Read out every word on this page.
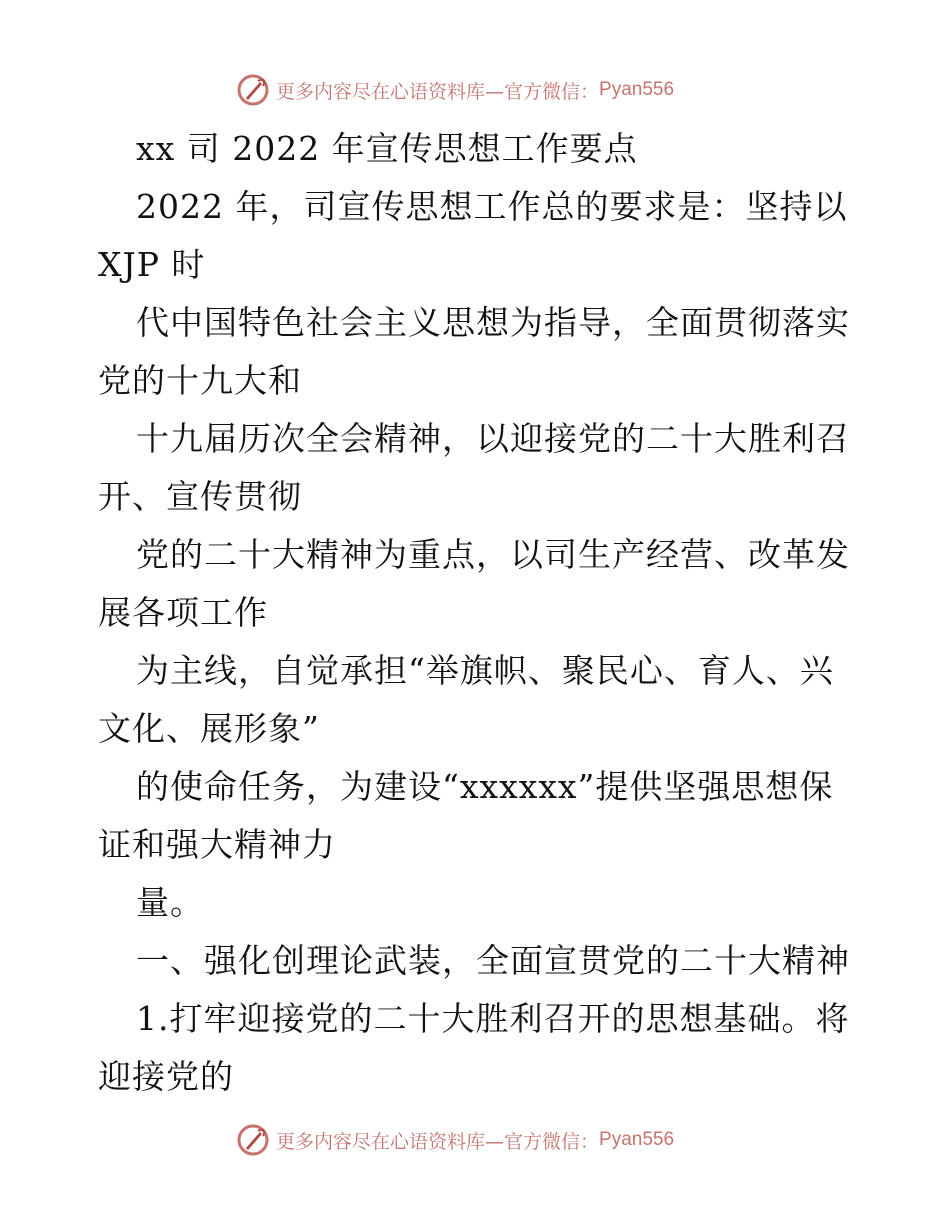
更多内容尽在心语资料库—官方微信： Pyan556
xx 司 2022 年宣传思想工作要点
2022 年，司宣传思想工作总的要求是：坚持以
XJP 时
代中国特色社会主义思想为指导，全面贯彻落实
党的十九大和
十九届历次全会精神，以迎接党的二十大胜利召
开、宣传贯彻
党的二十大精神为重点，以司生产经营、改革发
展各项工作
为主线，自觉承担“举旗帜、聚民心、育人、兴
文化、展形象”
的使命任务，为建设“xxxxxx”提供坚强思想保
证和强大精神力
量。
一、强化创理论武装，全面宣贯党的二十大精神
1.打牢迎接党的二十大胜利召开的思想基础。将
迎接党的
更多内容尽在心语资料库—官方微信： Pyan556
